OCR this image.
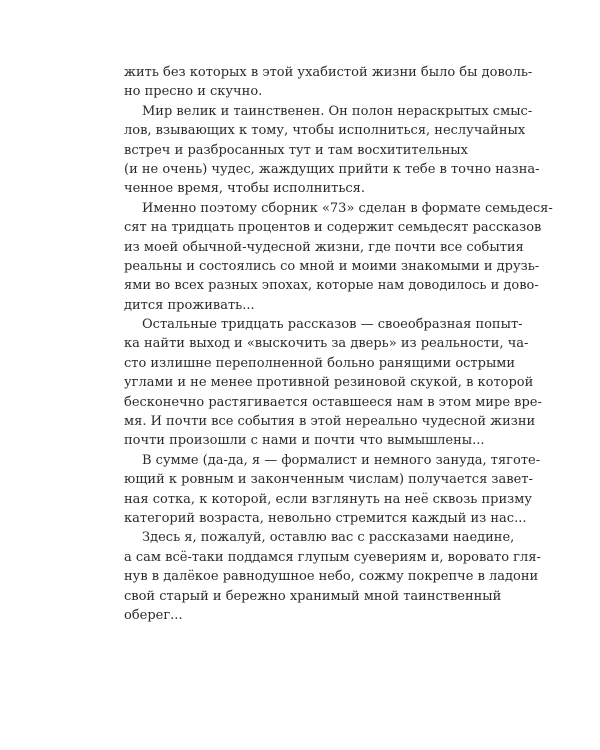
жить без которых в этой ухабистой жизни было бы доволь-
но пресно и скучно.

Мир велик и таинственен. Он полон нераскрытых смыс-
лов, взывающих к тому, чтобы исполниться, неслучайных
встреч и разбросанных тут и там восхитительных
(и не очень) чудес, жаждущих прийти к тебе в точно назна-
ченное время, чтобы исполниться.

Именно поэтому сборник «73» сделан в формате семьдеся-
сят на тридцать процентов и содержит семьдесят рассказов
из моей обычной-чудесной жизни, где почти все события
реальны и состоялись со мной и моими знакомыми и друзь-
ями во всех разных эпохах, которые нам доводилось и дово-
дится проживать...

Остальные тридцать рассказов — своеобразная попыт-
ка найти выход и «выскочить за дверь» из реальности, ча-
сто излишне переполненной больно ранящими острыми
углами и не менее противной резиновой скукой, в которой
бесконечно растягивается оставшееся нам в этом мире вре-
мя. И почти все события в этой нереально чудесной жизни
почти произошли с нами и почти что вымышлены...

В сумме (да-да, я — формалист и немного зануда, тяготе-
ющий к ровным и законченным числам) получается завет-
ная сотка, к которой, если взглянуть на неё сквозь призму
категорий возраста, невольно стремится каждый из нас...

Здесь я, пожалуй, оставлю вас с рассказами наедине,
а сам всё-таки поддамся глупым суевериям и, воровато гля-
нув в далёкое равнодушное небо, сожму покрепче в ладони
свой старый и бережно хранимый мной таинственный
оберег...
